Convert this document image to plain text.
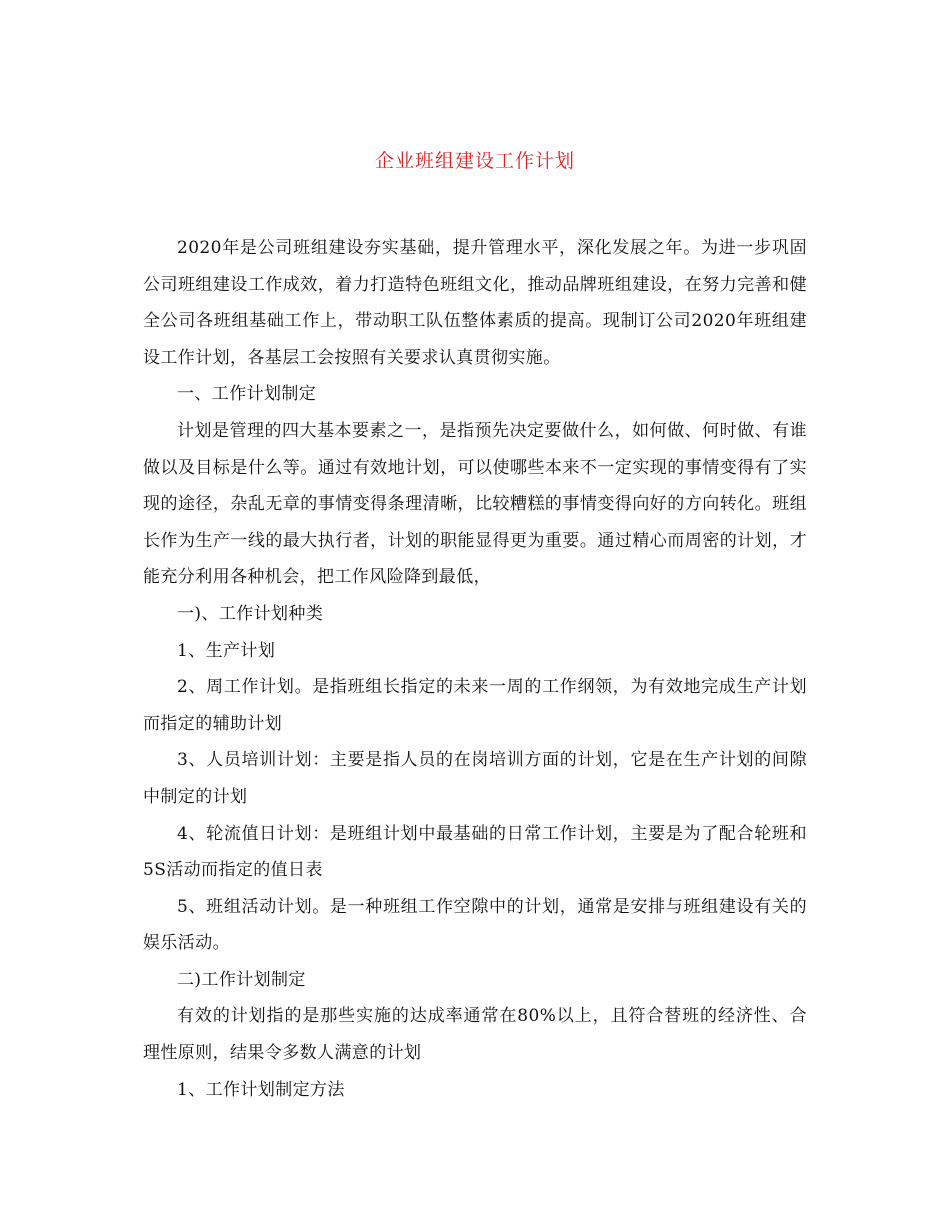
企业班组建设工作计划

2020年是公司班组建设夯实基础，提升管理水平，深化发展之年。为进一步巩固公司班组建设工作成效，着力打造特色班组文化，推动品牌班组建设，在努力完善和健全公司各班组基础工作上，带动职工队伍整体素质的提高。现制订公司2020年班组建设工作计划，各基层工会按照有关要求认真贯彻实施。

一、工作计划制定

计划是管理的四大基本要素之一，是指预先决定要做什么，如何做、何时做、有谁做以及目标是什么等。通过有效地计划，可以使哪些本来不一定实现的事情变得有了实现的途径，杂乱无章的事情变得条理清晰，比较糟糕的事情变得向好的方向转化。班组长作为生产一线的最大执行者，计划的职能显得更为重要。通过精心而周密的计划，才能充分利用各种机会，把工作风险降到最低，

一)、工作计划种类

1、生产计划

2、周工作计划。是指班组长指定的未来一周的工作纲领，为有效地完成生产计划而指定的辅助计划

3、人员培训计划：主要是指人员的在岗培训方面的计划，它是在生产计划的间隙中制定的计划

4、轮流值日计划：是班组计划中最基础的日常工作计划，主要是为了配合轮班和5S活动而指定的值日表

5、班组活动计划。是一种班组工作空隙中的计划，通常是安排与班组建设有关的娱乐活动。

二)工作计划制定

有效的计划指的是那些实施的达成率通常在80%以上，且符合替班的经济性、合理性原则，结果令多数人满意的计划

1、工作计划制定方法
